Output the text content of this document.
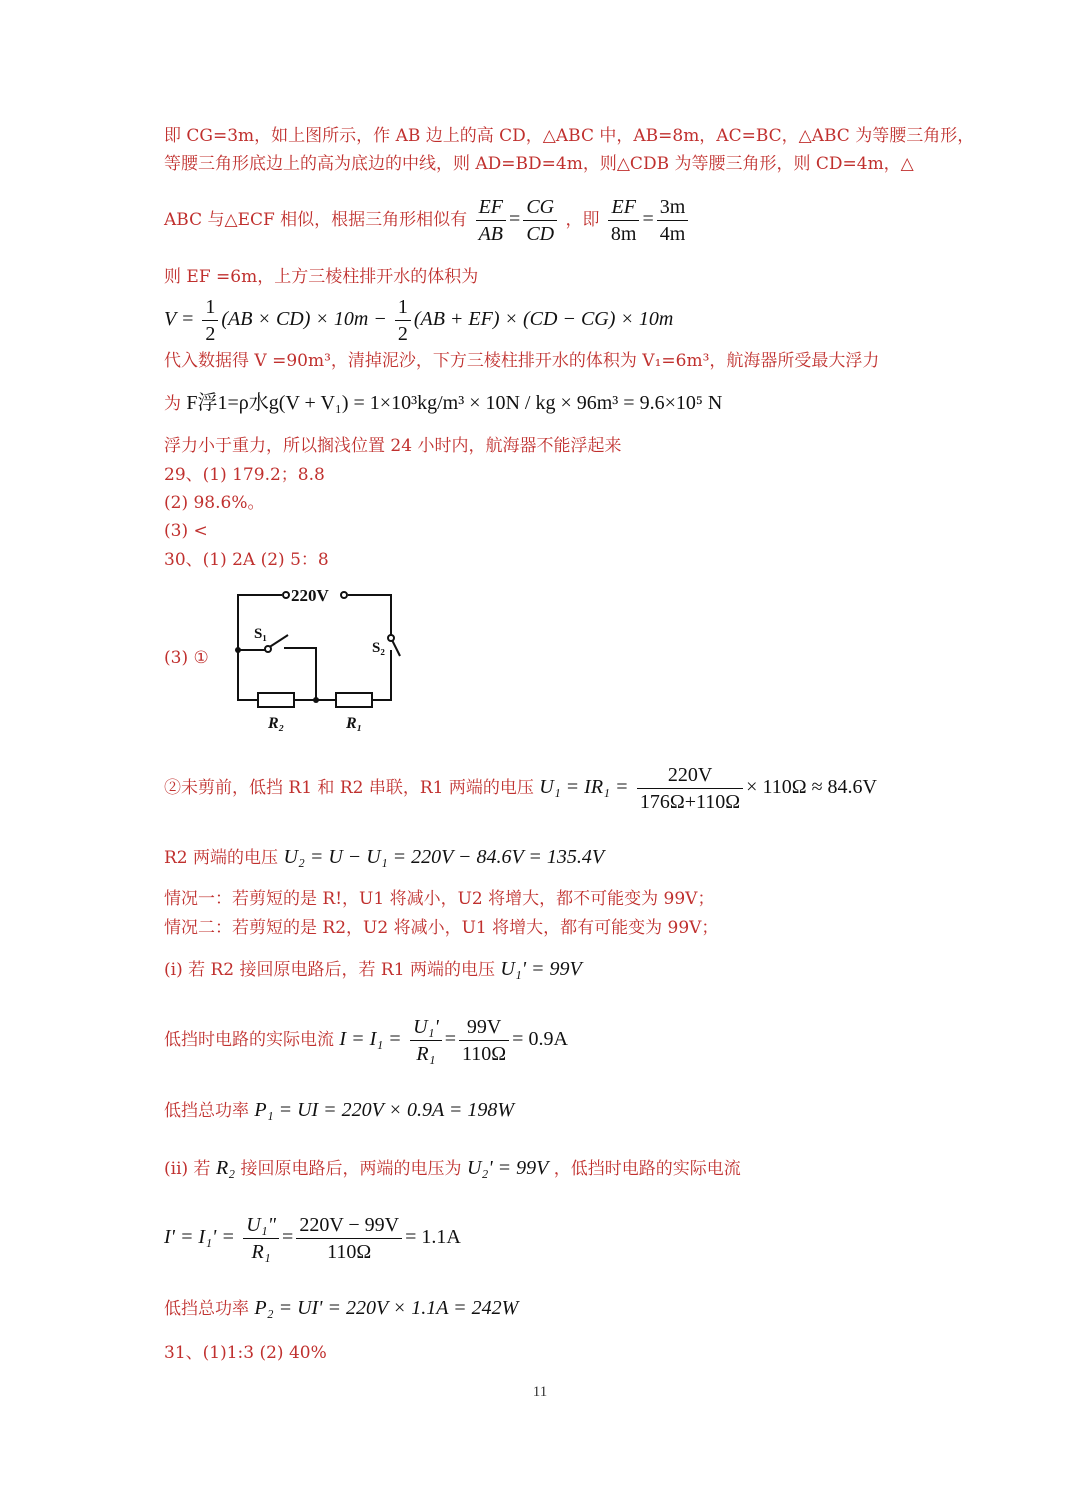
即 CG=3m，如上图所示，作 AB 边上的高 CD，△ABC 中，AB=8m，AC=BC，△ABC 为等腰三角形，
等腰三角形底边上的高为底边的中线，则 AD=BD=4m，则△CDB 为等腰三角形，则 CD=4m，△
ABC 与△ECF 相似，根据三角形相似有 $\frac{EF}{AB} = \frac{CG}{CD}$ ，即 $\frac{EF}{8m} = \frac{3m}{4m}$
则 EF =6m，上方三棱柱排开水的体积为
$V = \frac{1}{2} (AB \times CD) \times 10m - \frac{1}{2} (AB + EF) \times (CD - CG) \times 10m$
代入数据得 V =90m³，清掉泥沙，下方三棱柱排开水的体积为 V₁=6m³，航海器所受最大浮力
为 F浮1=ρ水g(V + V₁) = 1×10³kg/m³ × 10N / kg × 96m³ = 9.6×10⁵ N
浮力小于重力，所以搁浅位置 24 小时内，航海器不能浮起来
29、(1) 179.2；8.8
(2) 98.6%。
(3) <
30、(1) 2A (2) 5：8
(3) ①
220V
S₁
S₂
R₂	R₁
②未剪前，低挡 R1 和 R2 串联，R1 两端的电压 $U_1 = IR_1 = \frac{220V}{176\Omega+110\Omega} \times 110\Omega \approx 84.6V$
R2 两端的电压 U₂ = U − U₁ = 220V − 84.6V = 135.4V
情况一：若剪短的是 R!，U1 将减小，U2 将增大，都不可能变为 99V；
情况二：若剪短的是 R2，U2 将减小，U1 将增大，都有可能变为 99V；
(i) 若 R2 接回原电路后，若 R1 两端的电压 U₁' = 99V
低挡时电路的实际电流 $I = I_1 = \frac{\text{U₁'}}{\text{R₁}} = \frac{99V}{110\Omega} = 0.9A$
低挡总功率 P₁ = UI = 220V × 0.9A = 198W
(ii) 若 R₂ 接回原电路后，两端的电压为 U₂' = 99V ，低挡时电路的实际电流
$I' = I_1' = \frac{\text{U₁"}}{\text{R₁}} = \frac{220V - 99V}{110\Omega} = 1.1A$
低挡总功率 P₂ = UI' = 220V × 1.1A = 242W
31、(1)1:3 (2) 40%
11
